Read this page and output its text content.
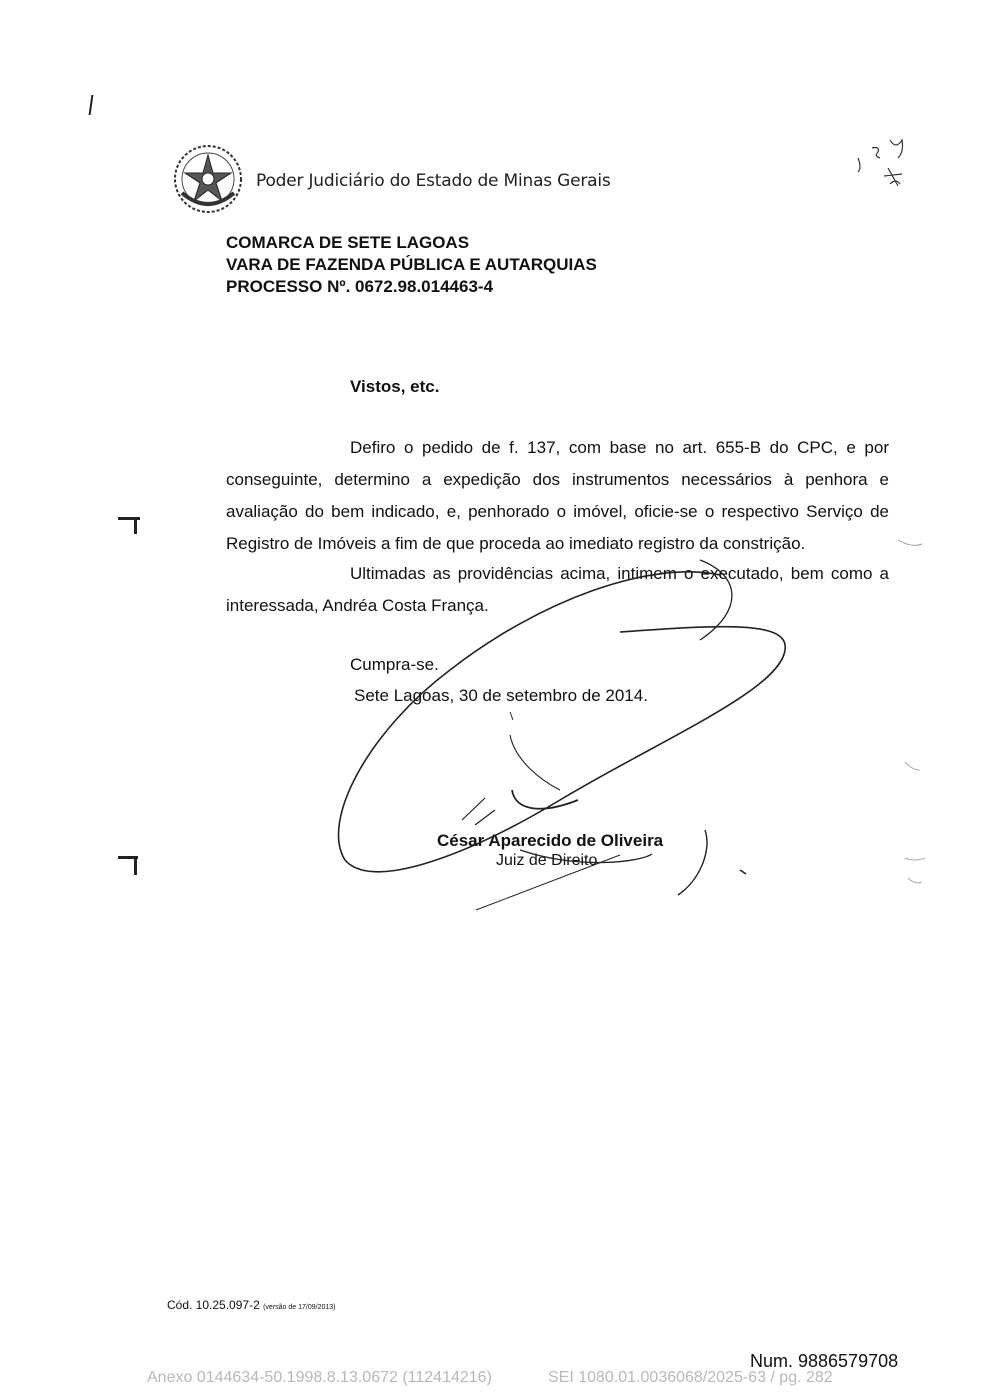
Poder Judiciário do Estado de Minas Gerais
COMARCA DE SETE LAGOAS
VARA DE FAZENDA PÚBLICA E AUTARQUIAS
PROCESSO Nº. 0672.98.014463-4
Vistos, etc.
Defiro o pedido de f. 137, com base no art. 655-B do CPC, e por conseguinte, determino a expedição dos instrumentos necessários à penhora e avaliação do bem indicado, e, penhorado o imóvel, oficie-se o respectivo Serviço de Registro de Imóveis a fim de que proceda ao imediato registro da constrição.
Ultimadas as providências acima, intimem o executado, bem como a interessada, Andréa Costa França.
Cumpra-se.
Sete Lagoas, 30 de setembro de 2014.
César Aparecido de Oliveira
Juiz de Direito
Cód. 10.25.097-2 (versão de 17/09/2013)
Num. 9886579708
Anexo 0144634-50.1998.8.13.0672 (112414216)	SEI 1080.01.0036068/2025-63 / pg. 282
